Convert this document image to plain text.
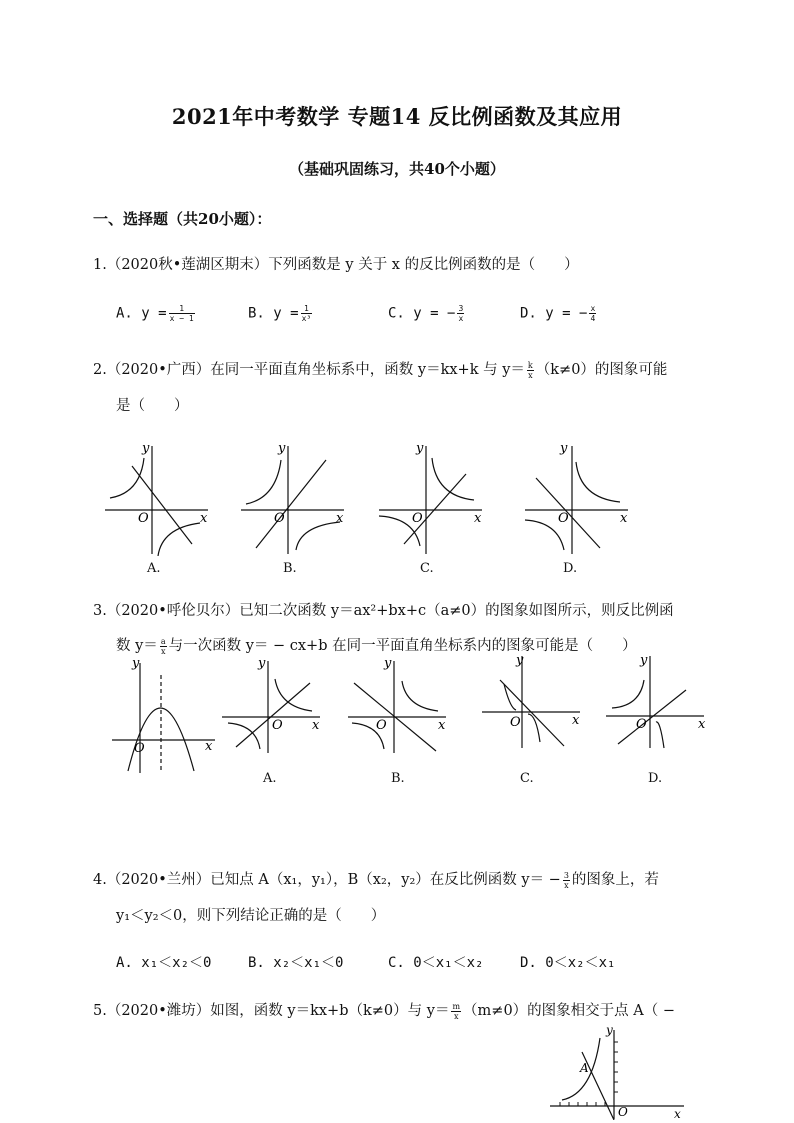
2021年中考数学 专题14 反比例函数及其应用
（基础巩固练习，共40个小题）
一、选择题（共20小题）：
1.（2020秋•莲湖区期末）下列函数是 y 关于 x 的反比例函数的是（　　）
A. $y = \frac{1}{x - 1}$	B. $y = \frac{1}{\text{x³}}$	C. y = − $\frac{3}{x}$	D. y = − $\frac{x}{4}$
2.（2020•广西）在同一平面直角坐标系中，函数 y＝kx+k 与 $y= \frac{k}{x} (k\ne 0)$的图象可能
是（　　）
y
x
O
y
x
O
y
x
O
y
x
O
A.	B.	C.	D.
3.（2020•呼伦贝尔）已知二次函数 y＝ax²+bx+c（a≠0）的图象如图所示，则反比例函
数 $y= \frac{a}{x}$ 与一次函数 y＝ − cx+b 在同一平面直角坐标系内的图象可能是（　　）
y
x
O
y
x
O
y
x
O
y
x
O
y
x
O
A.	B.	C.	D.
4.（2020•兰州）已知点 A（x₁，y₁），B（x₂，y₂）在反比例函数 $y= - \frac{3}{x}$ 的图象上，若
y₁＜y₂＜0，则下列结论正确的是（　　）
A. x₁＜x₂＜0	B. x₂＜x₁＜0	C. 0＜x₁＜x₂	D. 0＜x₂＜x₁
5.（2020•潍坊）如图，函数 y＝kx+b（k≠0）与 $y= \frac{m}{x} (m\ne 0)$的图象相交于点 A（ −
y
x
O
A
